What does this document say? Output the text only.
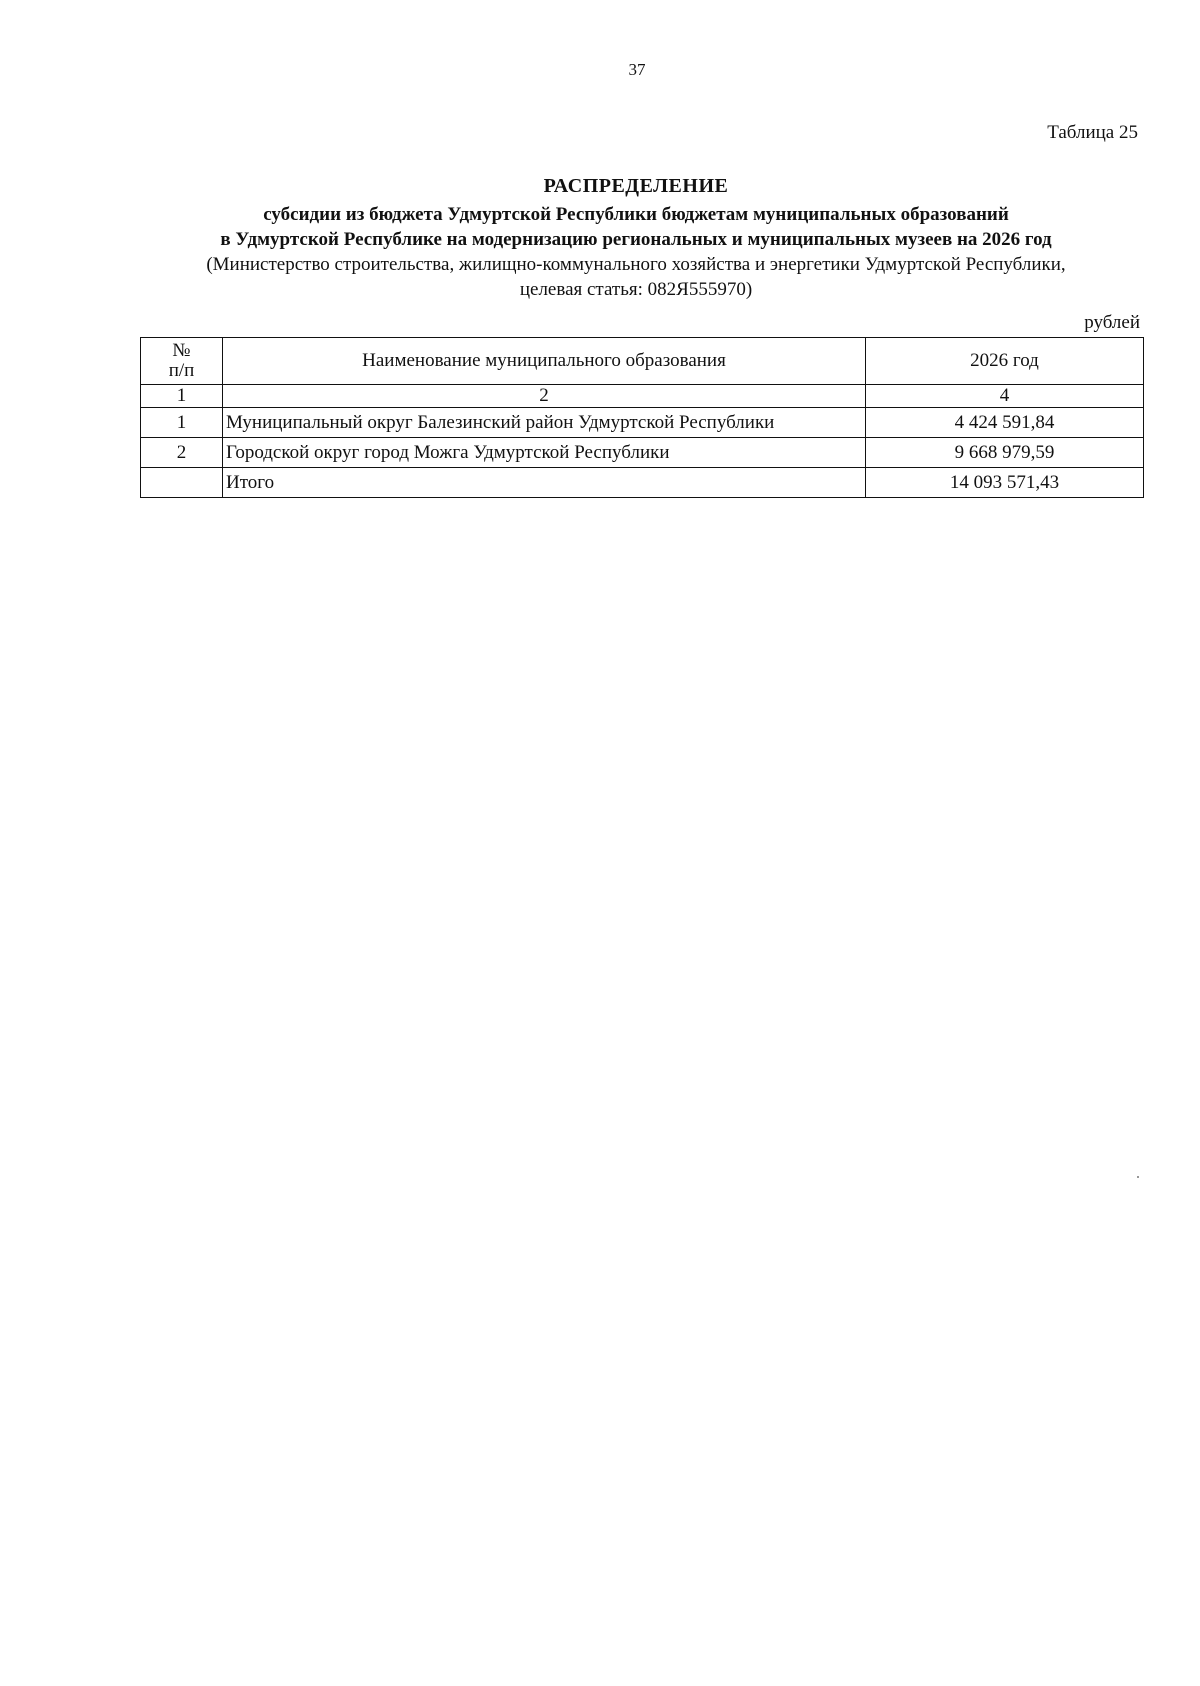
37
Таблица 25
РАСПРЕДЕЛЕНИЕ
субсидии из бюджета Удмуртской Республики бюджетам муниципальных образований
в Удмуртской Республике на модернизацию региональных и муниципальных музеев на 2026 год
(Министерство строительства, жилищно-коммунального хозяйства и энергетики Удмуртской Республики,
целевая статья: 082Я555970)
рублей
№
п/п	Наименование муниципального образования	2026 год
1	2	4
1	Муниципальный округ Балезинский район Удмуртской Республики	4 424 591,84
2	Городской округ город Можга Удмуртской Республики	9 668 979,59
	Итого	14 093 571,43
